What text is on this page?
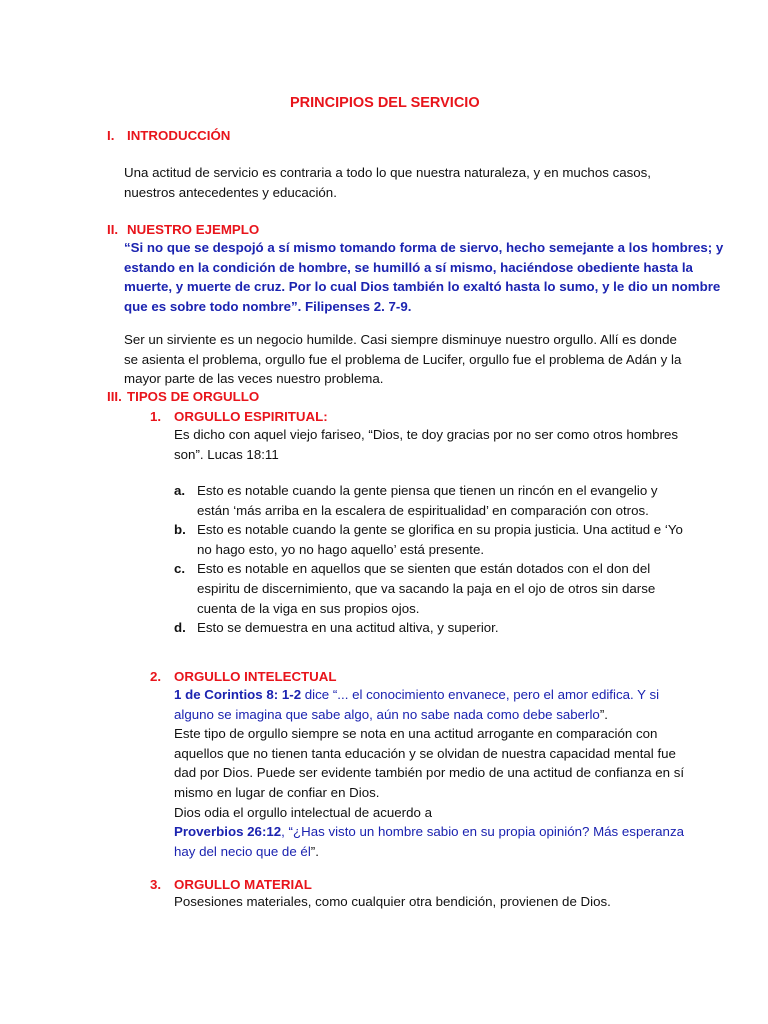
PRINCIPIOS DEL SERVICIO
I. INTRODUCCIÓN
Una actitud de servicio es contraria a todo lo que nuestra naturaleza, y en muchos casos,
nuestros antecedentes y educación.
II. NUESTRO EJEMPLO
“Si no que se despojó a sí mismo tomando forma de siervo, hecho semejante a los hombres; y
estando en la condición de hombre, se humilló a sí mismo, haciéndose obediente hasta la
muerte, y muerte de cruz. Por lo cual Dios también lo exaltó hasta lo sumo, y le dio un nombre
que es sobre todo nombre”. Filipenses 2. 7-9.
Ser un sirviente es un negocio humilde. Casi siempre disminuye nuestro orgullo. Allí es donde
se asienta el problema, orgullo fue el problema de Lucifer, orgullo fue el problema de Adán y la
mayor parte de las veces nuestro problema.
III. TIPOS DE ORGULLO
1. ORGULLO ESPIRITUAL:
Es dicho con aquel viejo fariseo, “Dios, te doy gracias por no ser como otros hombres
son”. Lucas 18:11
a. Esto es notable cuando la gente piensa que tienen un rincón en el evangelio y
están ‘más arriba en la escalera de espiritualidad’ en comparación con otros.
b. Esto es notable cuando la gente se glorifica en su propia justicia. Una actitud e ‘Yo
no hago esto, yo no hago aquello’ está presente.
c. Esto es notable en aquellos que se sienten que están dotados con el don del
espiritu de discernimiento, que va sacando la paja en el ojo de otros sin darse
cuenta de la viga en sus propios ojos.
d. Esto se demuestra en una actitud altiva, y superior.
2. ORGULLO INTELECTUAL
1 de Corintios 8: 1-2 dice “... el conocimiento envanece, pero el amor edifica. Y si
alguno se imagina que sabe algo, aún no sabe nada como debe saberlo”.
Este tipo de orgullo siempre se nota en una actitud arrogante en comparación con
aquellos que no tienen tanta educación y se olvidan de nuestra capacidad mental fue
dad por Dios. Puede ser evidente también por medio de una actitud de confianza en sí
mismo en lugar de confiar en Dios.
Dios odia el orgullo intelectual de acuerdo a
Proverbios 26:12, “¿Has visto un hombre sabio en su propia opinión? Más esperanza
hay del necio que de él”.
3. ORGULLO MATERIAL
Posesiones materiales, como cualquier otra bendición, provienen de Dios.
